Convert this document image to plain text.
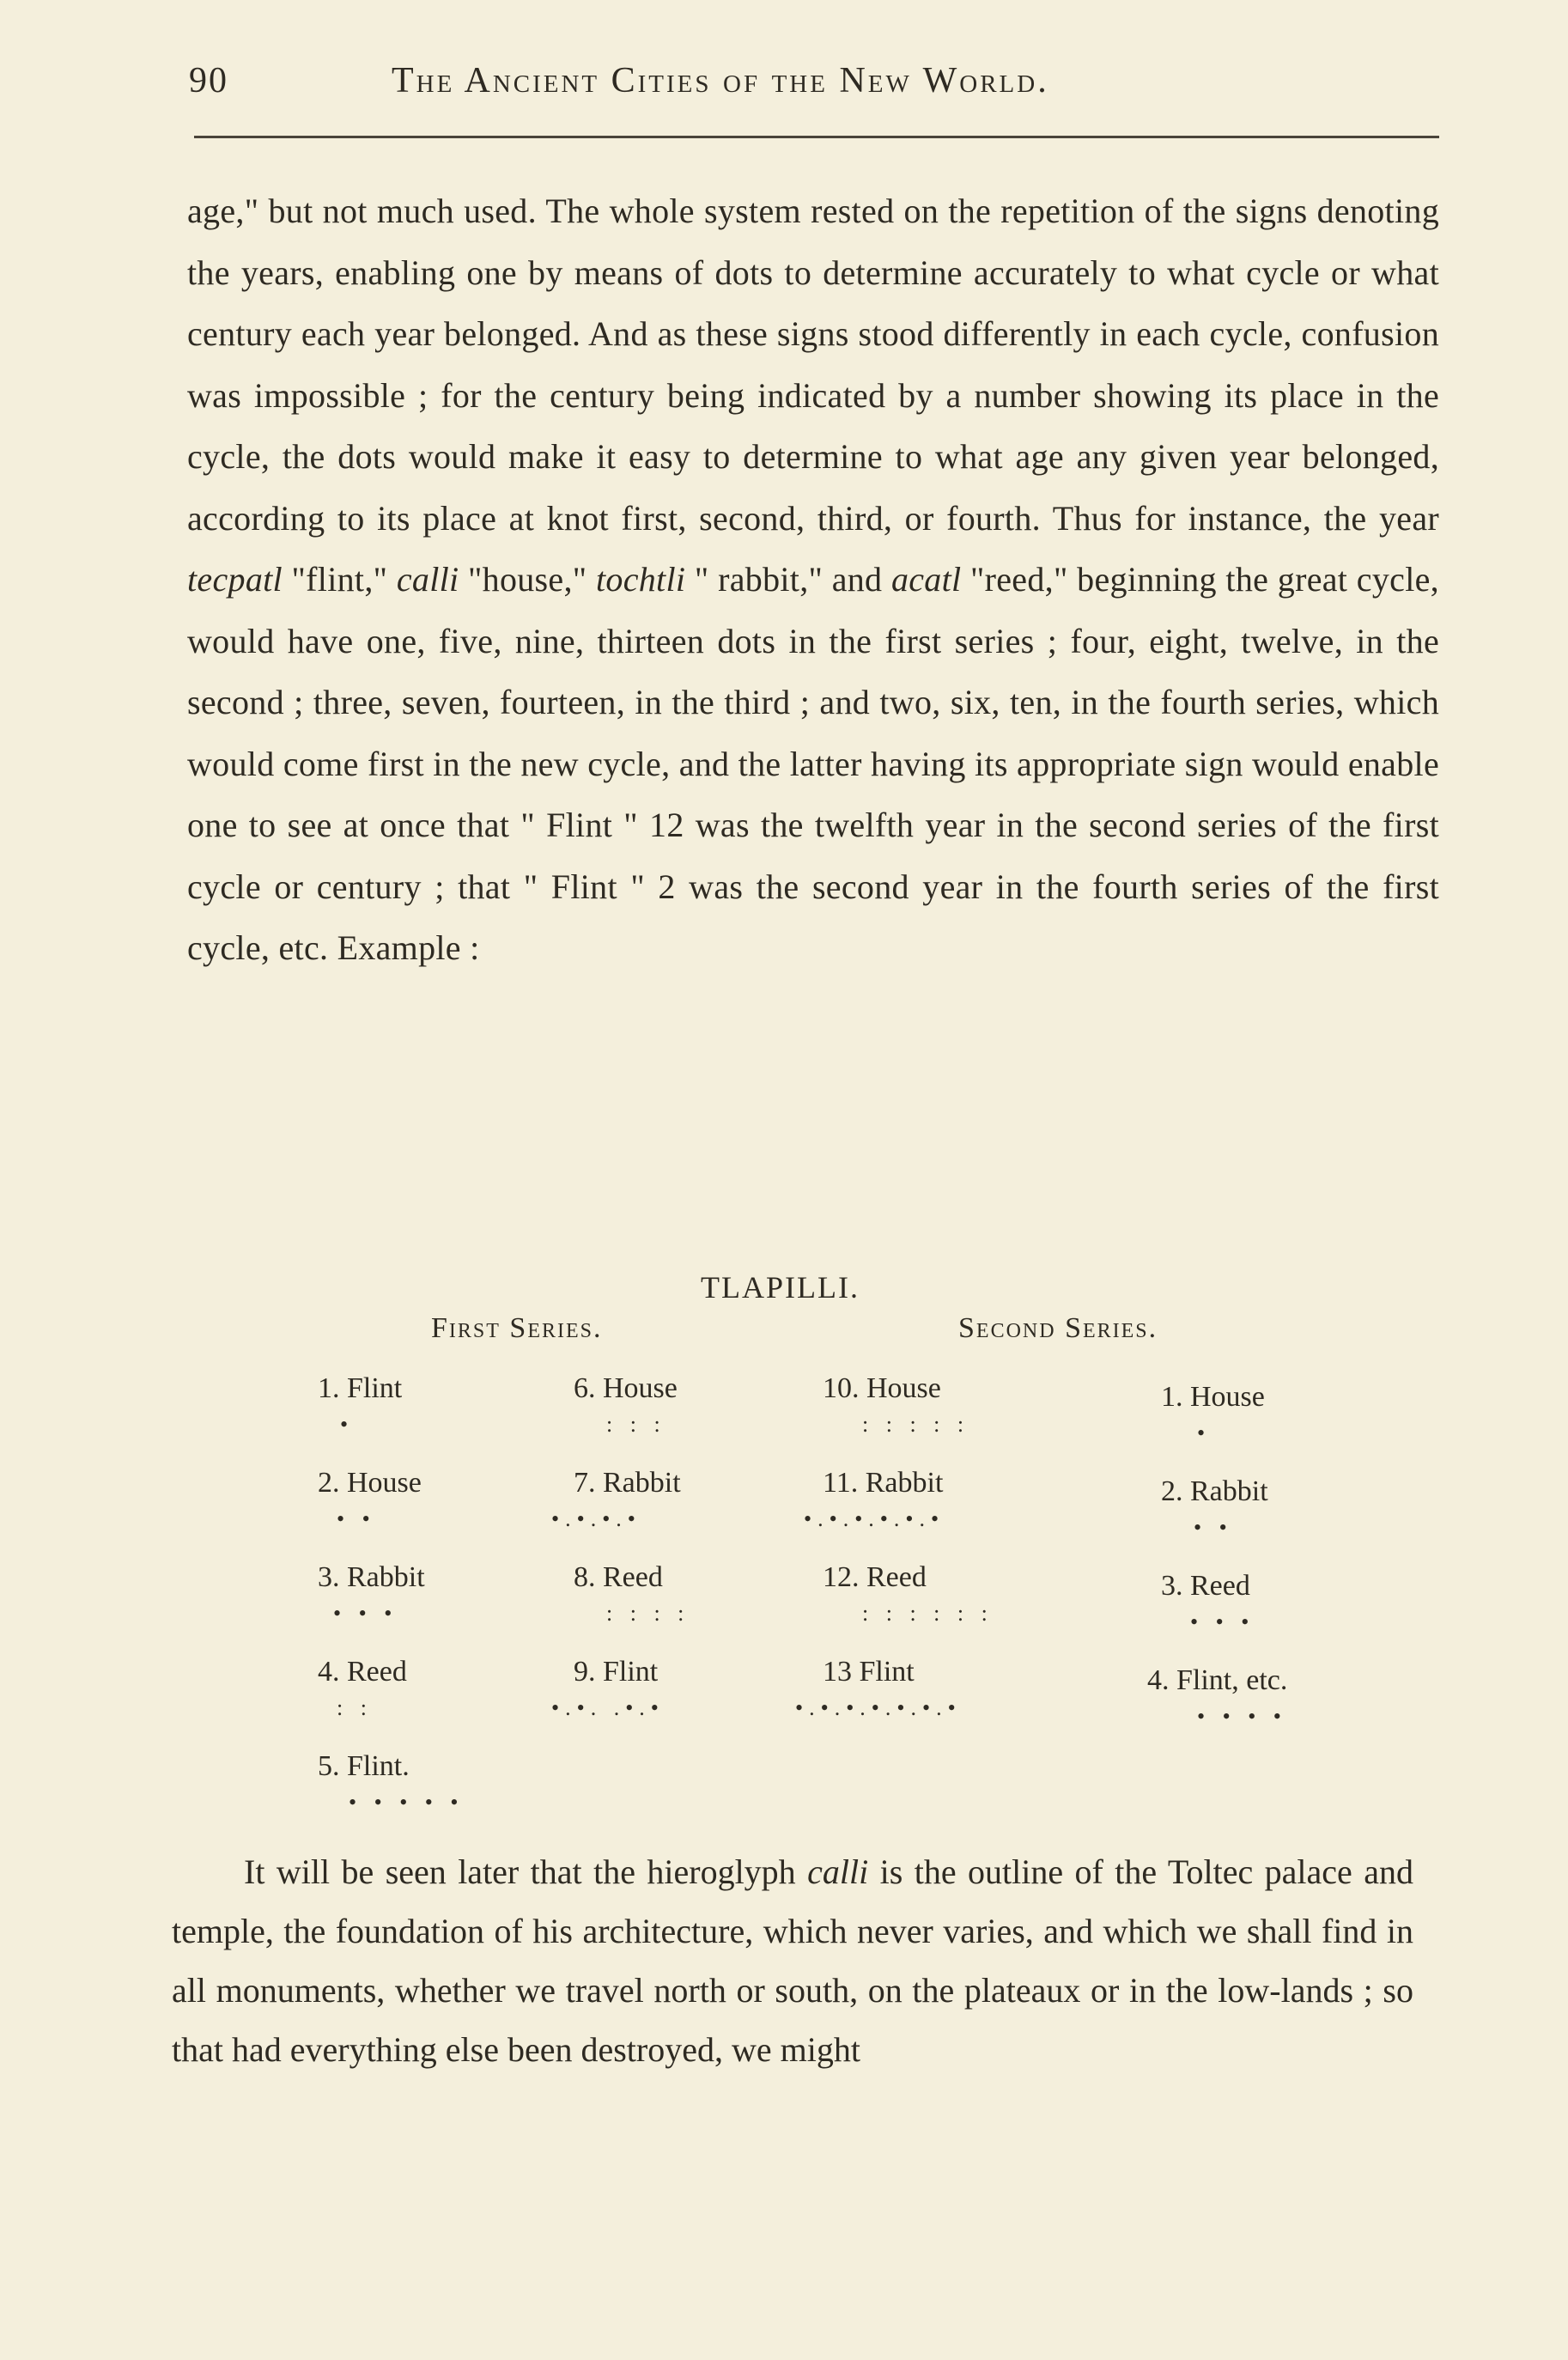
90	The Ancient Cities of the New World.

age," but not much used. The whole system rested on the repetition of the signs denoting the years, enabling one by means of dots to determine accurately to what cycle or what century each year belonged. And as these signs stood differently in each cycle, confusion was impossible ; for the century being indicated by a number showing its place in the cycle, the dots would make it easy to determine to what age any given year belonged, according to its place at knot first, second, third, or fourth. Thus for instance, the year tecpatl "flint," calli "house," tochtli " rabbit," and acatl "reed," beginning the great cycle, would have one, five, nine, thirteen dots in the first series ; four, eight, twelve, in the second ; three, seven, fourteen, in the third ; and two, six, ten, in the fourth series, which would come first in the new cycle, and the latter having its appropriate sign would enable one to see at once that " Flint " 12 was the twelfth year in the second series of the first cycle or century ; that " Flint " 2 was the second year in the fourth series of the first cycle, etc. Example :

TLAPILLI.
First Series.	Second Series.
1. Flint
•
2. House
• •
3. Rabbit
• • •
4. Reed
: :
5. Flint.
• • • • •
6. House
: : :
7. Rabbit
•.•.•.•
8. Reed
: : : :
9. Flint
•.•. .•.•
10. House
: : : : :
11. Rabbit
•.•.•.•.•.•
12. Reed
: : : : : :
13 Flint
•.•.•.•.•.•.•
1. House
•
2. Rabbit
• •
3. Reed
• • •
4. Flint, etc.
• • • •

It will be seen later that the hieroglyph calli is the outline of the Toltec palace and temple, the foundation of his architecture, which never varies, and which we shall find in all monuments, whether we travel north or south, on the plateaux or in the low-lands ; so that had everything else been destroyed, we might
